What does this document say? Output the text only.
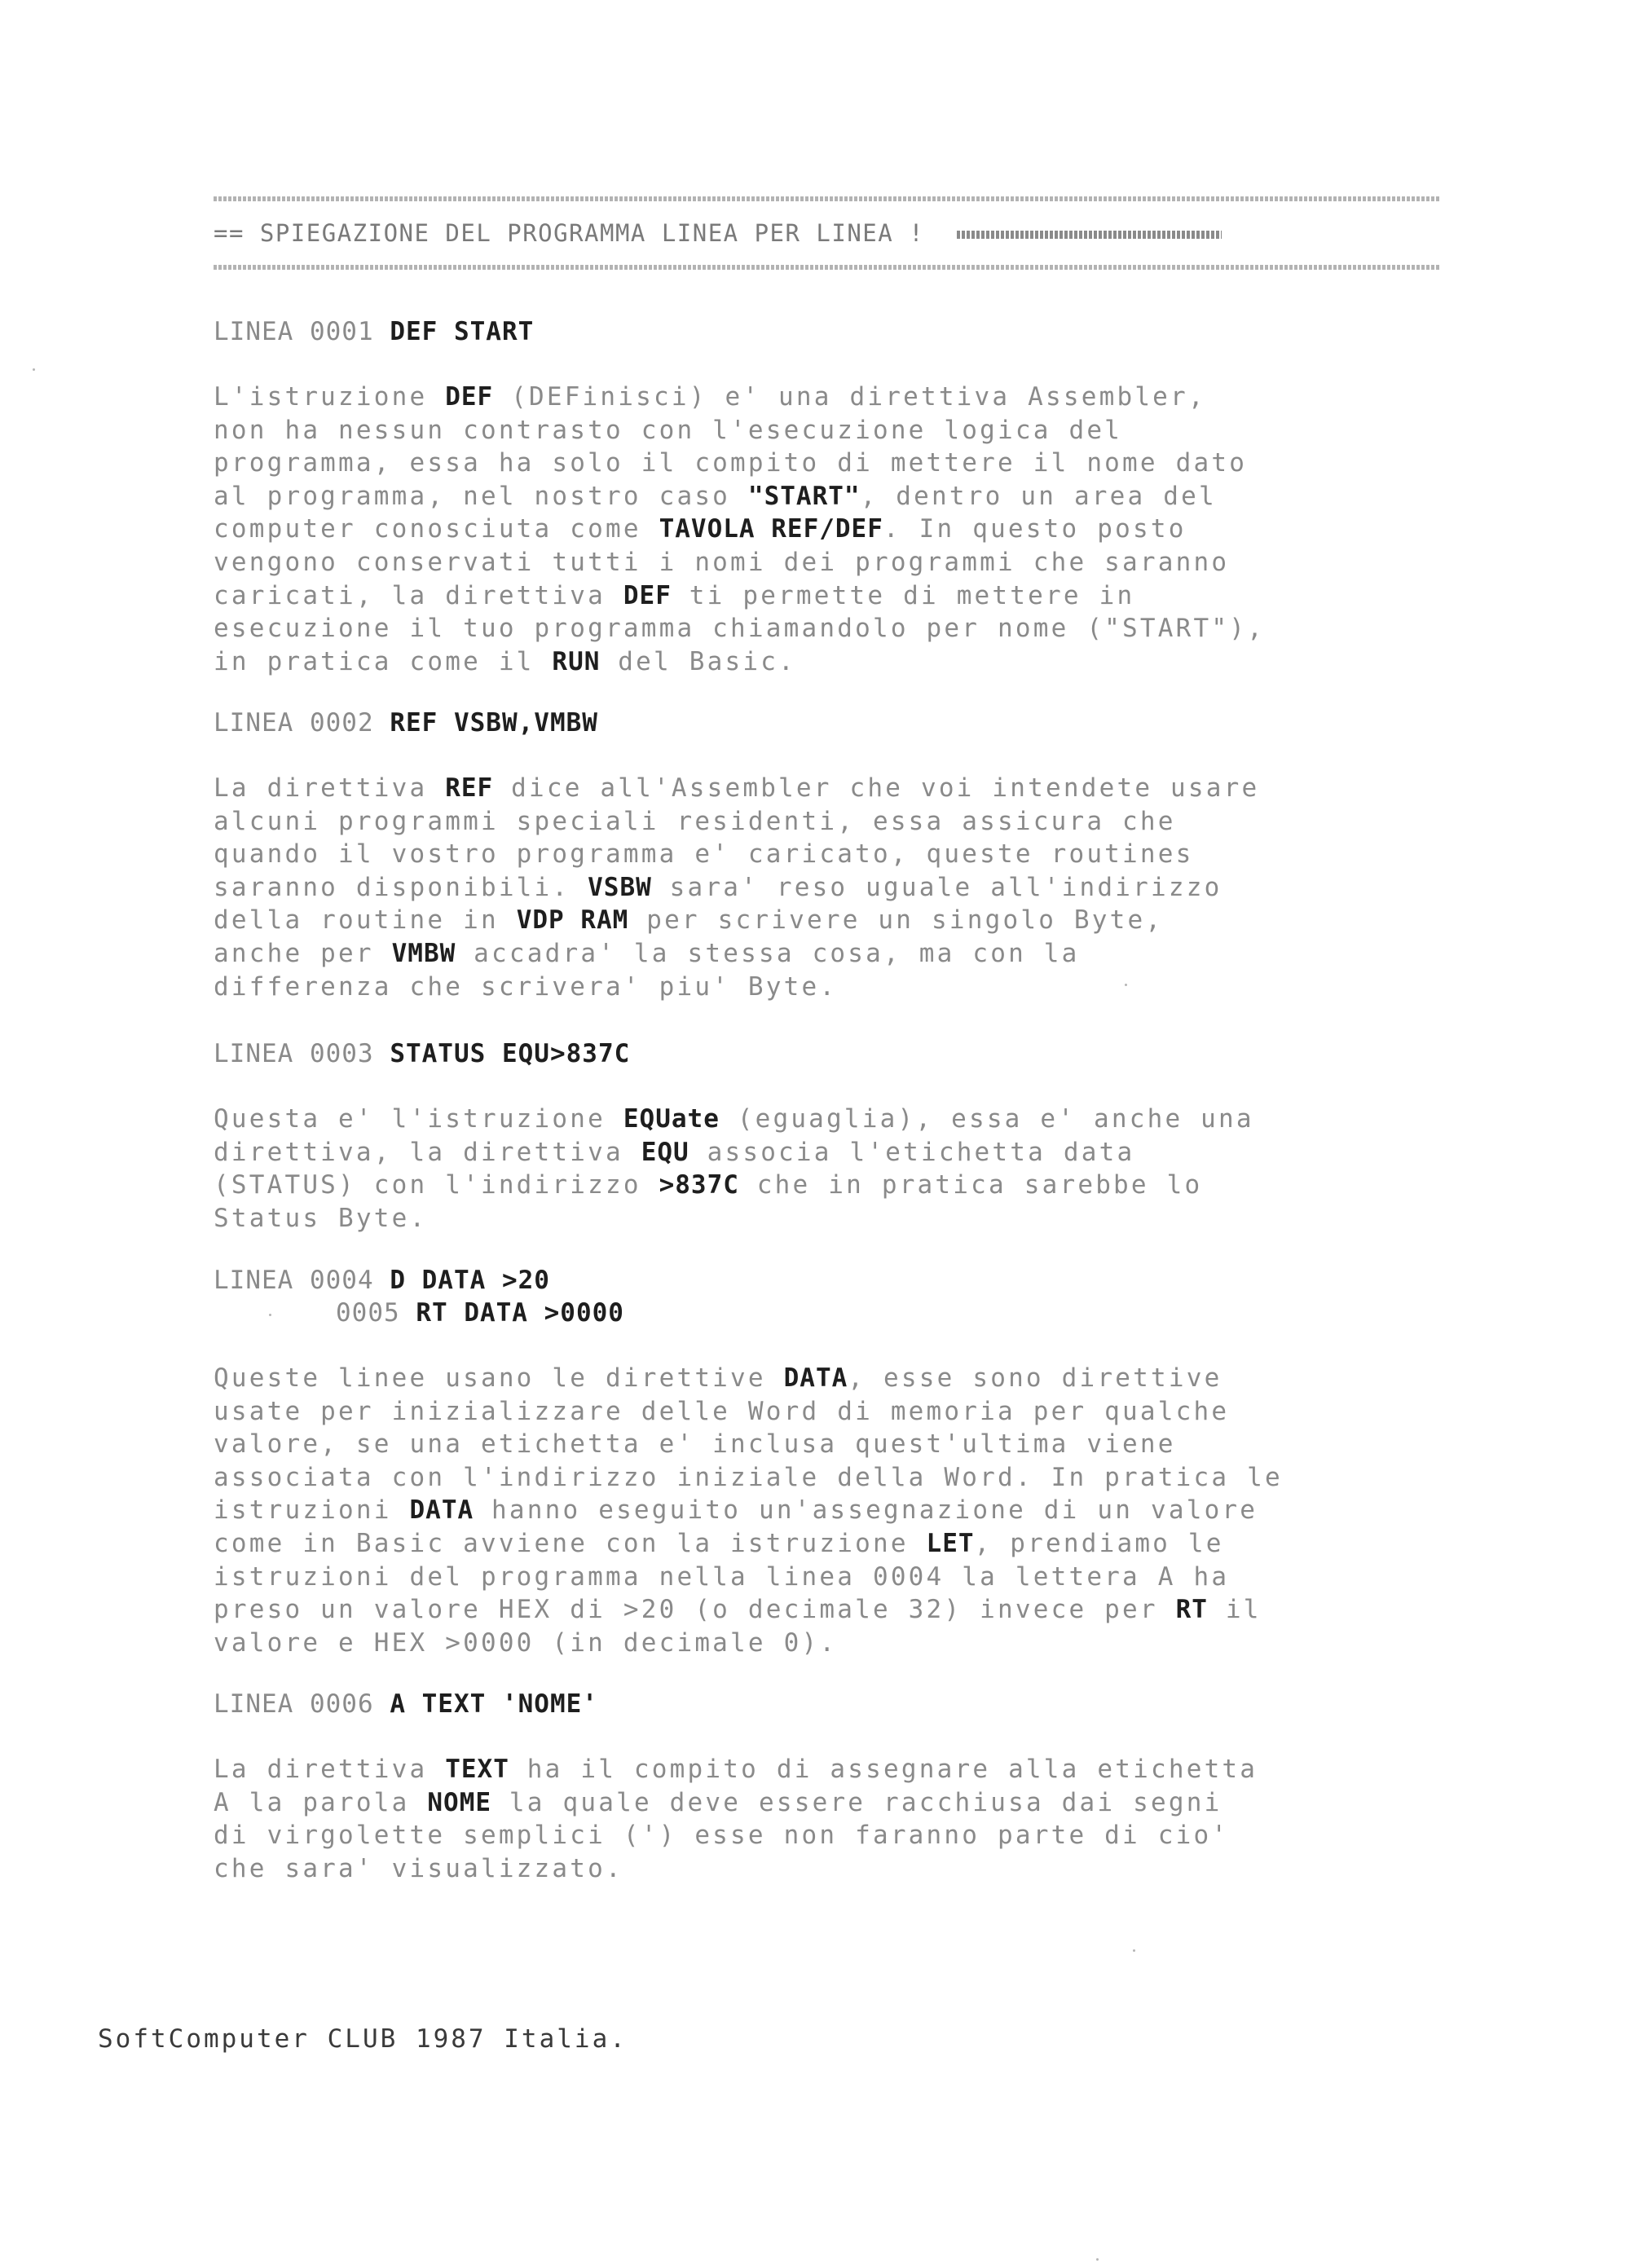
== SPIEGAZIONE DEL PROGRAMMA LINEA PER LINEA !
LINEA 0001 DEF START
L'istruzione DEF (DEFinisci) e' una direttiva Assembler,
non ha nessun contrasto con l'esecuzione logica del
programma, essa ha solo il compito di mettere il nome dato
al programma, nel nostro caso "START", dentro un area del
computer conosciuta come TAVOLA REF/DEF. In questo posto
vengono conservati tutti i nomi dei programmi che saranno
caricati, la direttiva DEF ti permette di mettere in
esecuzione il tuo programma chiamandolo per nome ("START"),
in pratica come il RUN del Basic.
LINEA 0002 REF VSBW,VMBW
La direttiva REF dice all'Assembler che voi intendete usare
alcuni programmi speciali residenti, essa assicura che
quando il vostro programma e' caricato, queste routines
saranno disponibili. VSBW sara' reso uguale all'indirizzo
della routine in VDP RAM per scrivere un singolo Byte,
anche per VMBW accadra' la stessa cosa, ma con la
differenza che scrivera' piu' Byte.
LINEA 0003 STATUS EQU>837C
Questa e' l'istruzione EQUate (eguaglia), essa e' anche una
direttiva, la direttiva EQU associa l'etichetta data
(STATUS) con l'indirizzo >837C che in pratica sarebbe lo
Status Byte.
LINEA 0004 D DATA >20
0005 RT DATA >0000
Queste linee usano le direttive DATA, esse sono direttive
usate per inizializzare delle Word di memoria per qualche
valore, se una etichetta e' inclusa quest'ultima viene
associata con l'indirizzo iniziale della Word. In pratica le
istruzioni DATA hanno eseguito un'assegnazione di un valore
come in Basic avviene con la istruzione LET, prendiamo le
istruzioni del programma nella linea 0004 la lettera A ha
preso un valore HEX di >20 (o decimale 32) invece per RT il
valore e HEX >0000 (in decimale 0).
LINEA 0006 A TEXT 'NOME'
La direttiva TEXT ha il compito di assegnare alla etichetta
A la parola NOME la quale deve essere racchiusa dai segni
di virgolette semplici (') esse non faranno parte di cio'
che sara' visualizzato.
SoftComputer CLUB 1987 Italia.
